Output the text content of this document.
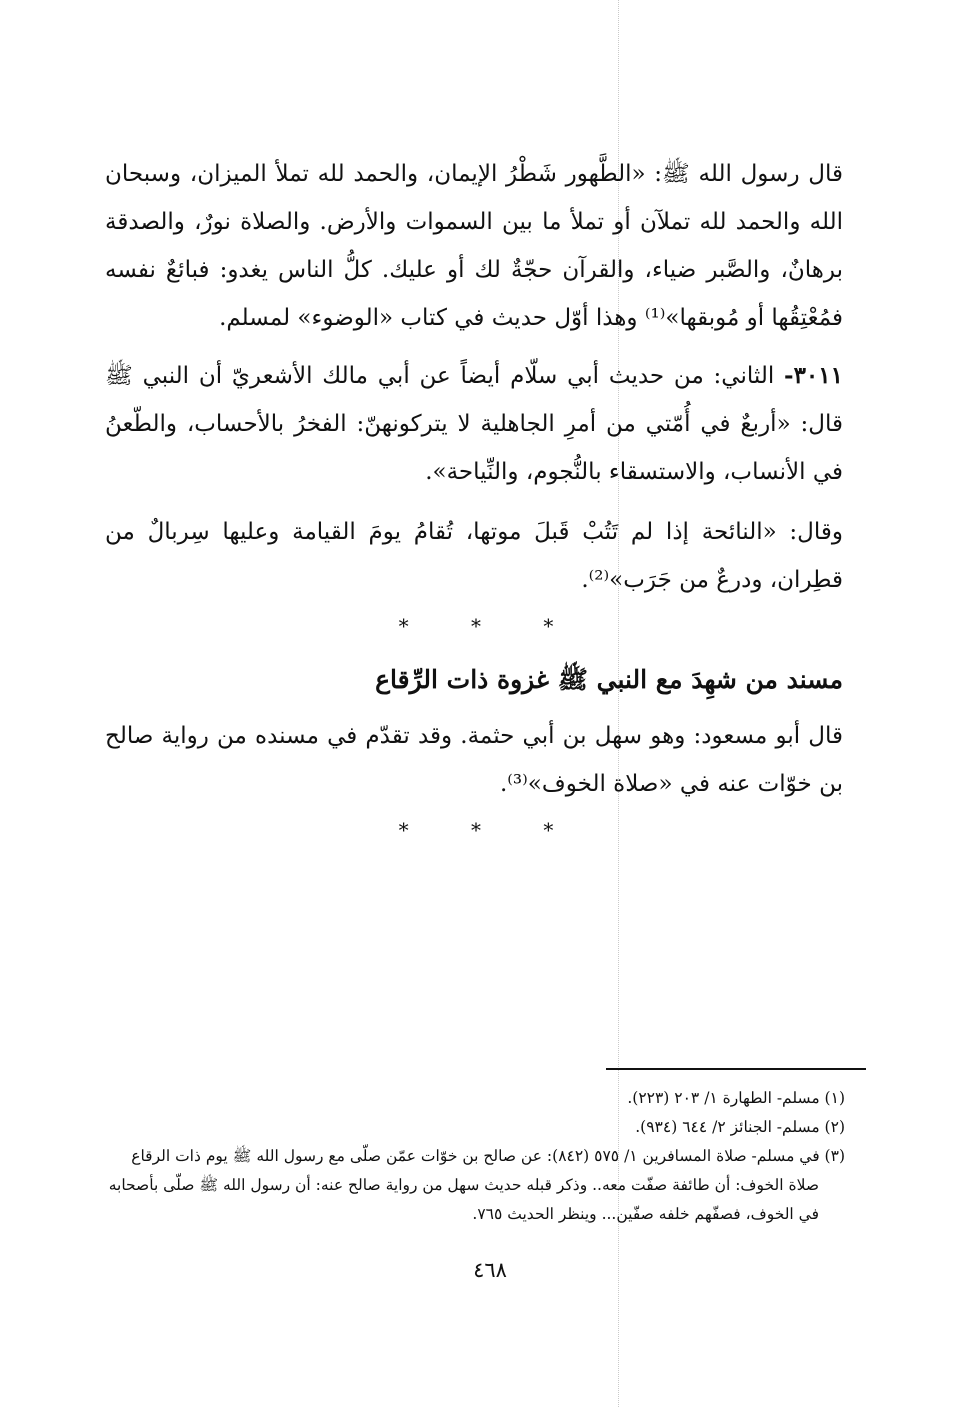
قال رسول الله ﷺ: «الطَّهور شَطْرُ الإيمان، والحمد لله تملأ الميزان، وسبحان الله والحمد لله تملآن أو تملأ ما بين السموات والأرض. والصلاة نورٌ، والصدقة برهانٌ، والصَّبر ضياء، والقرآن حجّةٌ لك أو عليك. كلُّ الناس يغدو: فبائعٌ نفسه فمُعْتِقُها أو مُوبقها»⁽¹⁾ وهذا أوّل حديث في كتاب «الوضوء» لمسلم.

٣٠١١- الثاني: من حديث أبي سلّام أيضاً عن أبي مالك الأشعريّ أن النبي ﷺ قال: «أربعٌ في أُمّتي من أمرِ الجاهلية لا يتركونهنّ: الفخرُ بالأحساب، والطّعنُ في الأنساب، والاستسقاء بالنُّجوم، والنِّياحة».

وقال: «النائحة إذا لم تَتُبْ قَبلَ موتها، تُقامُ يومَ القيامة وعليها سِربالٌ من قطِران، ودرعٌ من جَرَب»⁽²⁾.

* * *
مسند من شهِدَ مع النبي ﷺ غزوة ذات الرِّقاع

قال أبو مسعود: وهو سهل بن أبي حثمة. وقد تقدّم في مسنده من رواية صالح بن خوّات عنه في «صلاة الخوف»⁽³⁾.

* * *

(١) مسلم- الطهارة ١/ ٢٠٣ (٢٢٣).

(٢) مسلم- الجنائز ٢/ ٦٤٤ (٩٣٤).

(٣) في مسلم- صلاة المسافرين ١/ ٥٧٥ (٨٤٢): عن صالح بن خوّات عمّن صلّى مع رسول الله ﷺ يوم ذات الرقاع صلاة الخوف: أن طائفة صفّت معه.. وذكر قبله حديث سهل من رواية صالح عنه: أن رسول الله ﷺ صلّى بأصحابه في الخوف، فصفّهم خلفه صفّين... وينظر الحديث ٧٦٥.

٤٦٨
